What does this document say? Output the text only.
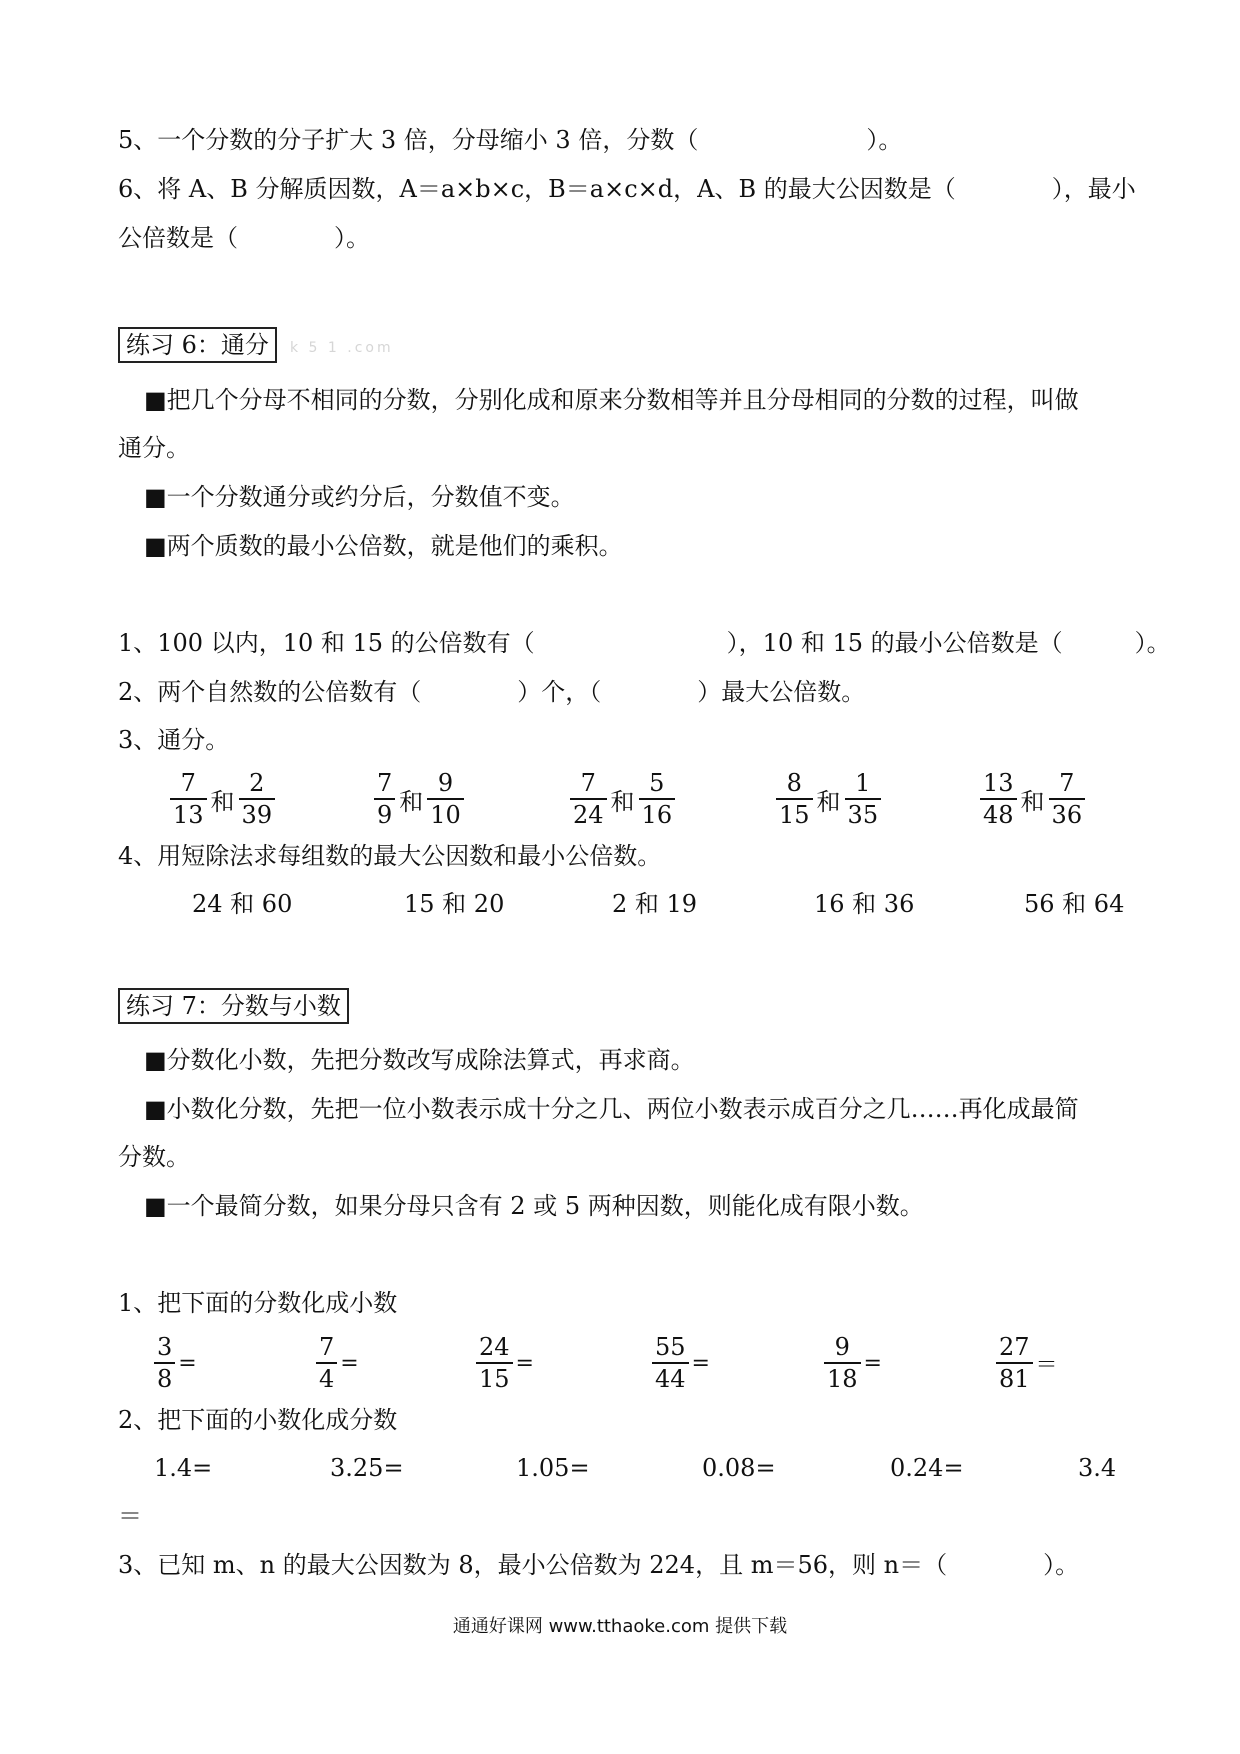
5、一个分数的分子扩大 3 倍，分母缩小 3 倍，分数（　　　　　　　）。
6、将 A、B 分解质因数，A＝a×b×c，B＝a×c×d，A、B 的最大公因数是（　　　　），最小
公倍数是（　　　　）。
练习 6：通分	k 5 1 .com
■把几个分母不相同的分数，分别化成和原来分数相等并且分母相同的分数的过程，叫做
通分。
■一个分数通分或约分后，分数值不变。
■两个质数的最小公倍数，就是他们的乘积。
1、100 以内，10 和 15 的公倍数有（　　　　　　　　），10 和 15 的最小公倍数是（　　　）。
2、两个自然数的公倍数有（　　　　）个，（　　　　）最大公倍数。
3、通分。
$\frac{7}{13}$ 和 $\frac{2}{39}$	$\frac{7}{9}$ 和 $\frac{9}{10}$	$\frac{7}{24}$ 和 $\frac{5}{16}$	$\frac{8}{15}$ 和 $\frac{1}{35}$	$\frac{13}{48}$ 和 $\frac{7}{36}$
4、用短除法求每组数的最大公因数和最小公倍数。
24 和 60	15 和 20	2 和 19	16 和 36	56 和 64
练习 7：分数与小数
■分数化小数，先把分数改写成除法算式，再求商。
■小数化分数，先把一位小数表示成十分之几、两位小数表示成百分之几……再化成最简
分数。
■一个最简分数，如果分母只含有 2 或 5 两种因数，则能化成有限小数。
1、把下面的分数化成小数
$\frac{3}{8}$ =	$\frac{7}{4}$ =	$\frac{24}{15}$ =	$\frac{55}{44}$ =	$\frac{9}{18}$ =	$\frac{27}{81}$ ＝
2、把下面的小数化成分数
1.4=	3.25=	1.05=	0.08=	0.24=	3.4
＝
3、已知 m、n 的最大公因数为 8，最小公倍数为 224，且 m＝56，则 n＝（　　　　）。
通通好课网 www.tthaoke.com 提供下载
